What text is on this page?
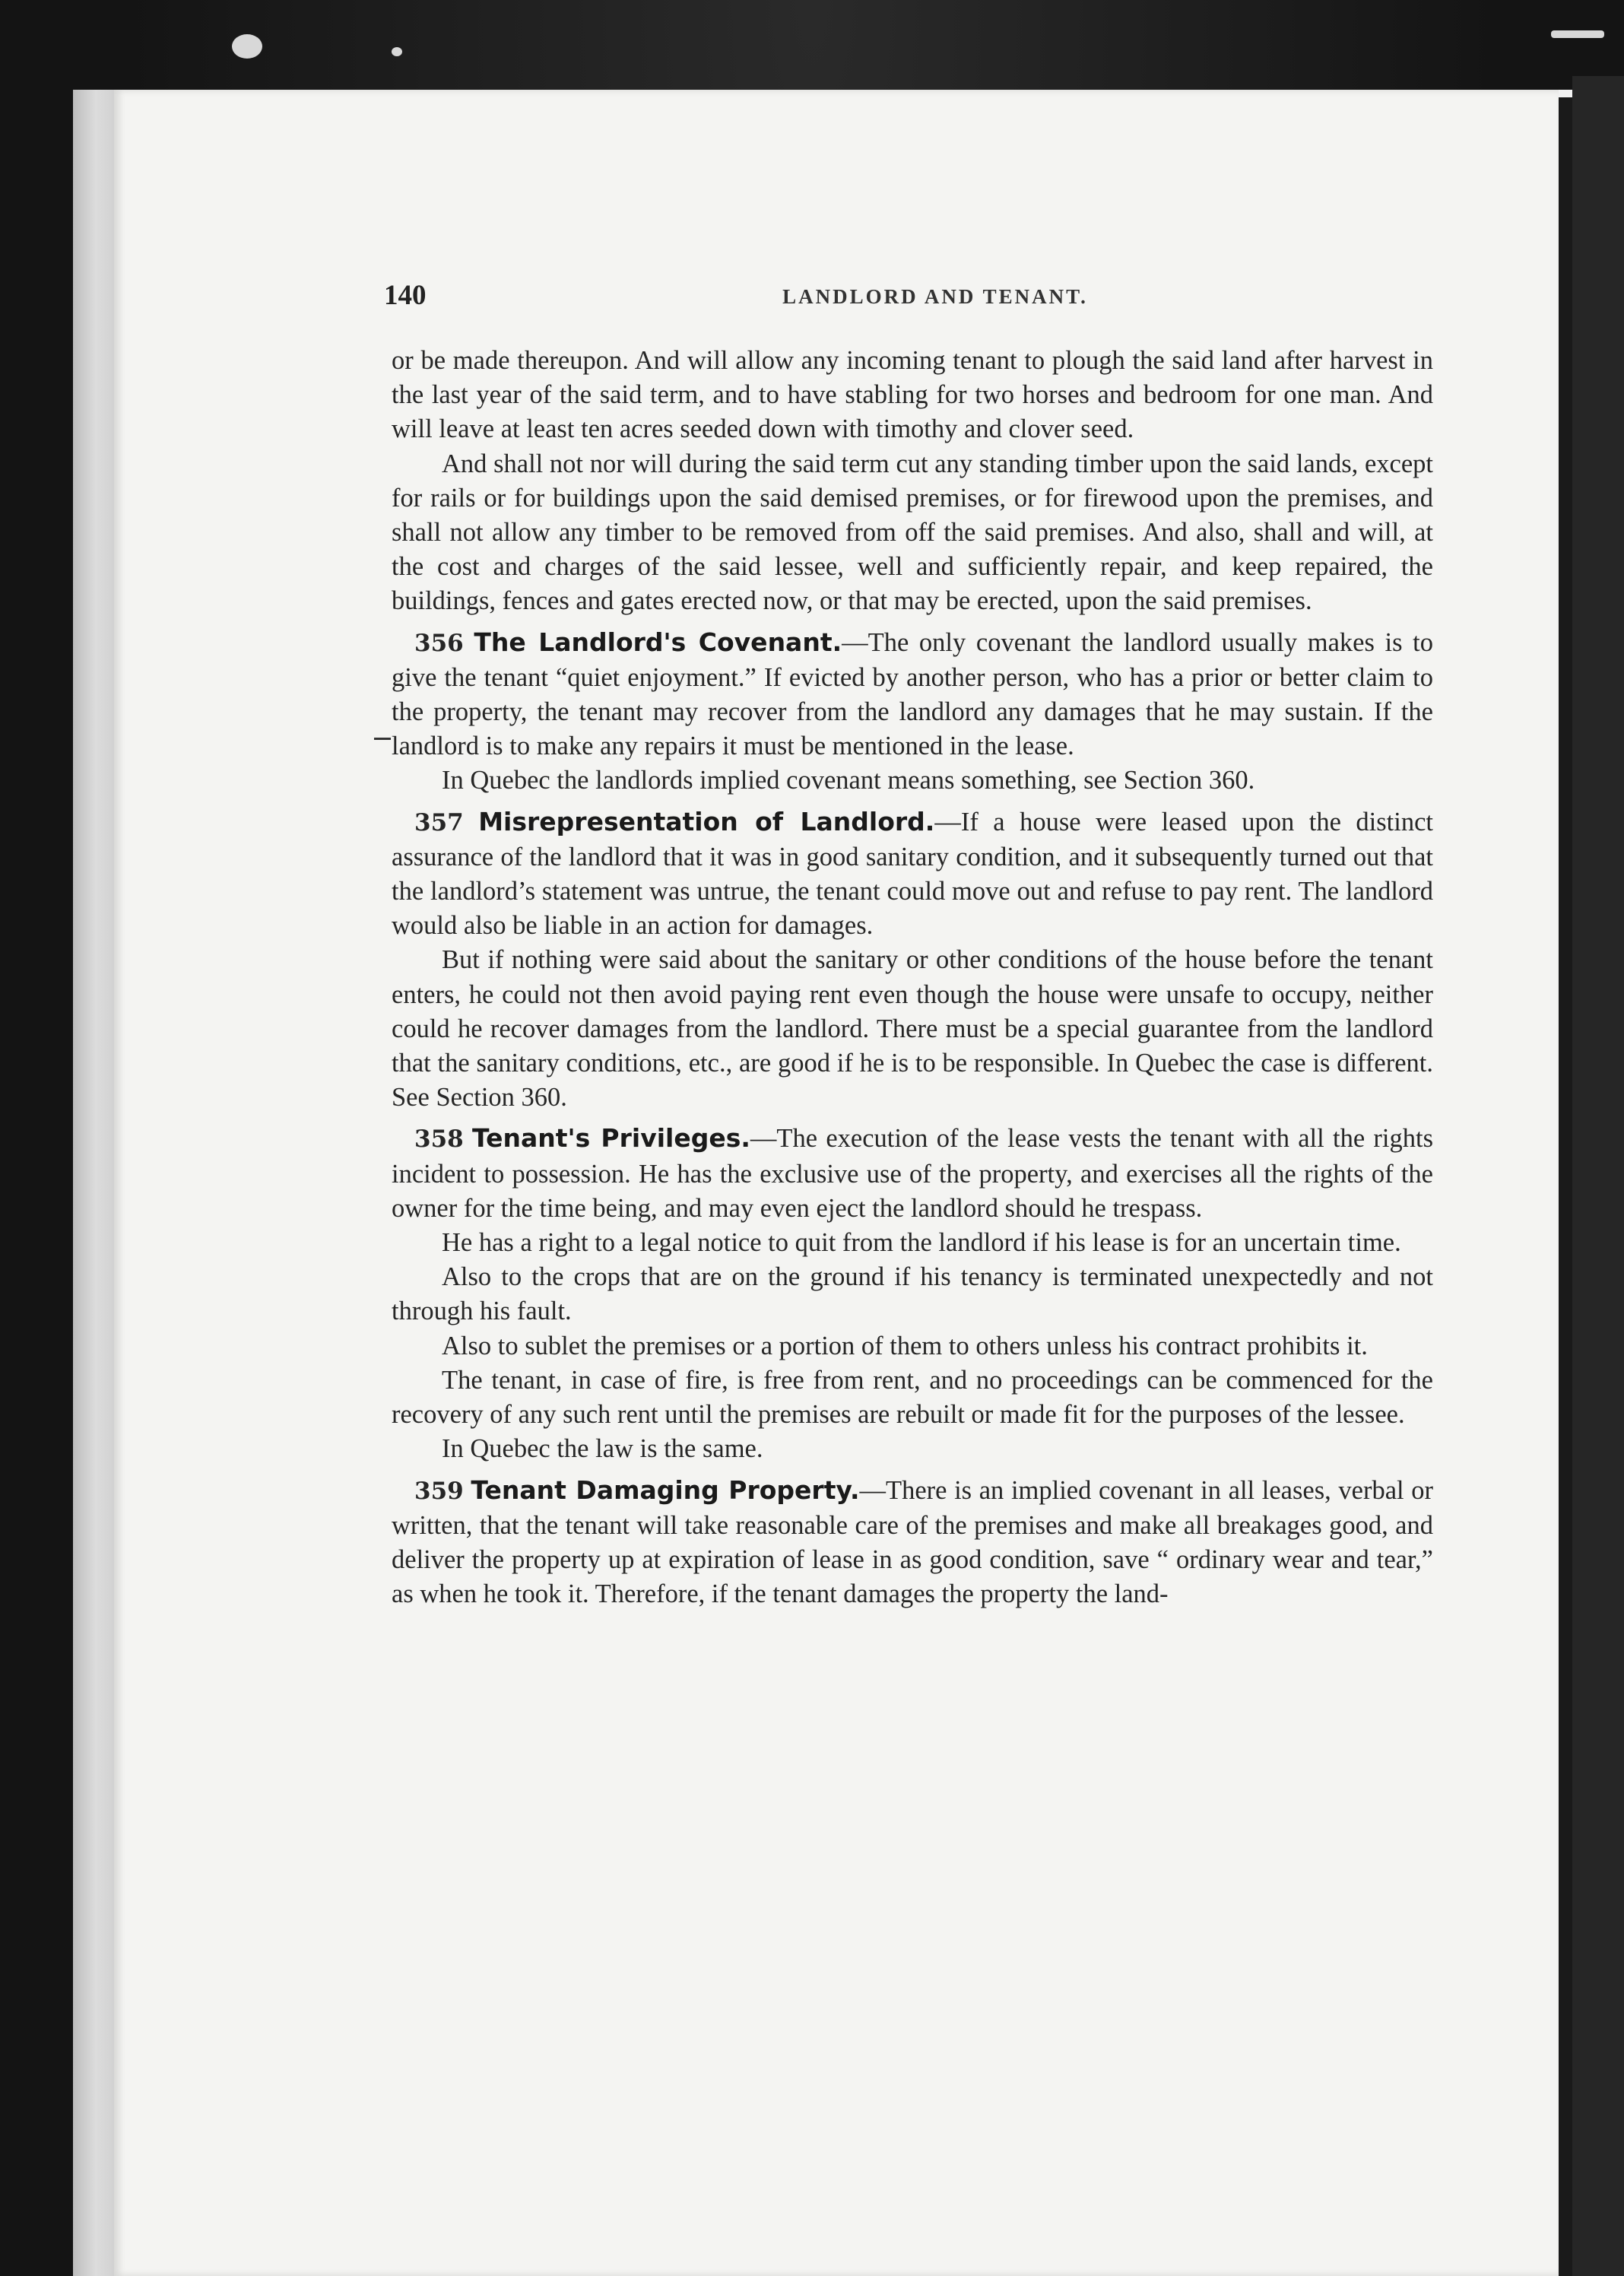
140	LANDLORD AND TENANT.

or be made thereupon. And will allow any incoming tenant to plough the said land after harvest in the last year of the said term, and to have stabling for two horses and bedroom for one man. And will leave at least ten acres seeded down with timothy and clover seed.

And shall not nor will during the said term cut any standing timber upon the said lands, except for rails or for buildings upon the said demised premises, or for firewood upon the premises, and shall not allow any timber to be removed from off the said premises. And also, shall and will, at the cost and charges of the said lessee, well and sufficiently repair, and keep repaired, the buildings, fences and gates erected now, or that may be erected, upon the said premises.

356 The Landlord's Covenant.—The only covenant the landlord usually makes is to give the tenant “quiet enjoyment.” If evicted by another person, who has a prior or better claim to the property, the tenant may recover from the landlord any damages that he may sustain. If the landlord is to make any repairs it must be mentioned in the lease.

In Quebec the landlords implied covenant means something, see Section 360.

357 Misrepresentation of Landlord.—If a house were leased upon the distinct assurance of the landlord that it was in good sanitary condition, and it subsequently turned out that the landlord’s statement was untrue, the tenant could move out and refuse to pay rent. The landlord would also be liable in an action for damages.

But if nothing were said about the sanitary or other conditions of the house before the tenant enters, he could not then avoid paying rent even though the house were unsafe to occupy, neither could he recover damages from the landlord. There must be a special guarantee from the landlord that the sanitary conditions, etc., are good if he is to be responsible. In Quebec the case is different. See Section 360.

358 Tenant's Privileges.—The execution of the lease vests the tenant with all the rights incident to possession. He has the exclusive use of the property, and exercises all the rights of the owner for the time being, and may even eject the landlord should he trespass.

He has a right to a legal notice to quit from the landlord if his lease is for an uncertain time.

Also to the crops that are on the ground if his tenancy is terminated unexpectedly and not through his fault.

Also to sublet the premises or a portion of them to others unless his contract prohibits it.

The tenant, in case of fire, is free from rent, and no proceedings can be commenced for the recovery of any such rent until the premises are rebuilt or made fit for the purposes of the lessee.

In Quebec the law is the same.

359 Tenant Damaging Property.—There is an implied covenant in all leases, verbal or written, that the tenant will take reasonable care of the premises and make all breakages good, and deliver the property up at expiration of lease in as good condition, save “ ordinary wear and tear,” as when he took it. Therefore, if the tenant damages the property the land-
